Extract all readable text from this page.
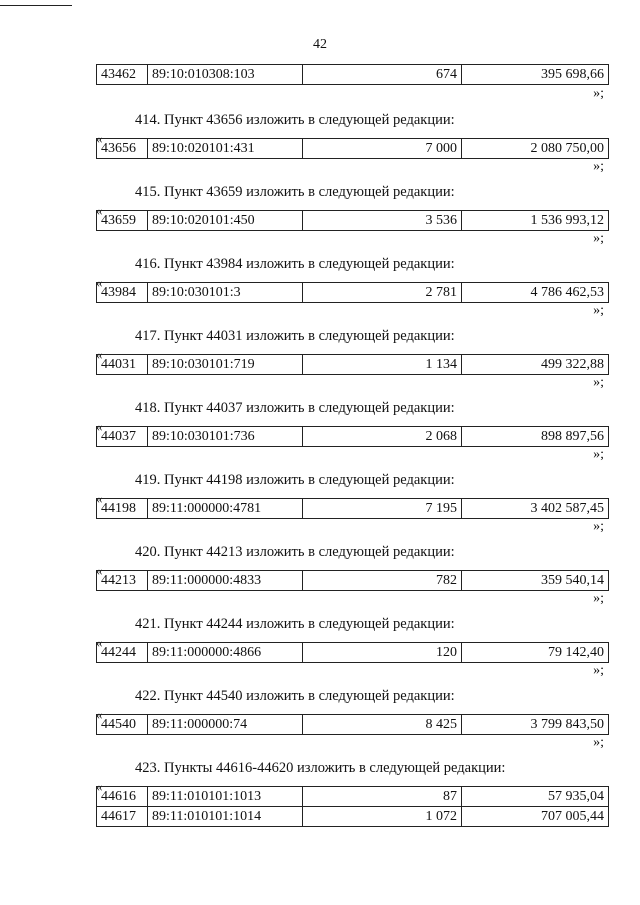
42
43462	89:10:010308:103	674	395 698,66
»;
414. Пункт 43656 изложить в следующей редакции:
«
43656	89:10:020101:431	7 000	2 080 750,00
»;
415. Пункт 43659 изложить в следующей редакции:
«
43659	89:10:020101:450	3 536	1 536 993,12
»;
416. Пункт 43984 изложить в следующей редакции:
«
43984	89:10:030101:3	2 781	4 786 462,53
»;
417. Пункт 44031 изложить в следующей редакции:
«
44031	89:10:030101:719	1 134	499 322,88
»;
418. Пункт 44037 изложить в следующей редакции:
«
44037	89:10:030101:736	2 068	898 897,56
»;
419. Пункт 44198 изложить в следующей редакции:
«
44198	89:11:000000:4781	7 195	3 402 587,45
»;
420. Пункт 44213 изложить в следующей редакции:
«
44213	89:11:000000:4833	782	359 540,14
»;
421. Пункт 44244 изложить в следующей редакции:
«
44244	89:11:000000:4866	120	79 142,40
»;
422. Пункт 44540 изложить в следующей редакции:
«
44540	89:11:000000:74	8 425	3 799 843,50
»;
423. Пункты 44616-44620 изложить в следующей редакции:
«
44616	89:11:010101:1013	87	57 935,04
44617	89:11:010101:1014	1 072	707 005,44
